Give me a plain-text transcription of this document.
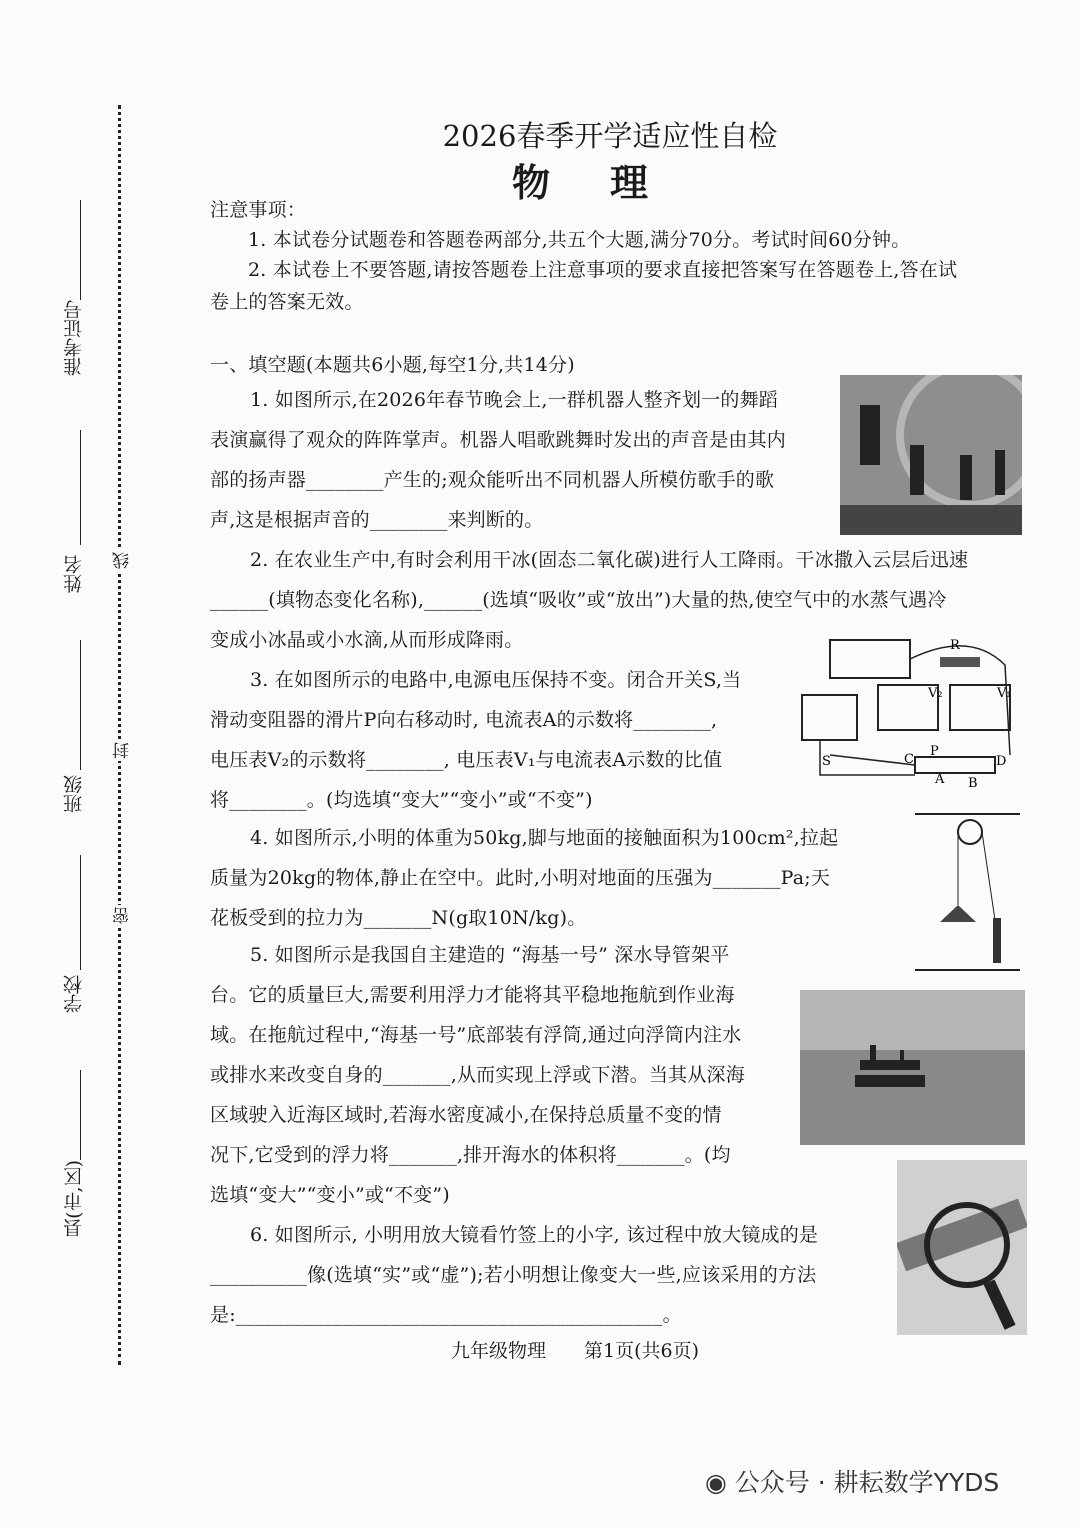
准考证号
姓名
班级
学校
县(市,区)
线
封
密
2026春季开学适应性自检
物理
注意事项：
1. 本试卷分试题卷和答题卷两部分,共五个大题,满分70分。考试时间60分钟。
2. 本试卷上不要答题,请按答题卷上注意事项的要求直接把答案写在答题卷上,答在试
卷上的答案无效。
一、填空题(本题共6小题,每空1分,共14分)
1. 如图所示,在2026年春节晚会上,一群机器人整齐划一的舞蹈
表演赢得了观众的阵阵掌声。机器人唱歌跳舞时发出的声音是由其内
部的扬声器________产生的;观众能听出不同机器人所模仿歌手的歌
声,这是根据声音的________来判断的。
2. 在农业生产中,有时会利用干冰(固态二氧化碳)进行人工降雨。干冰撒入云层后迅速
______(填物态变化名称),______(选填“吸收”或“放出”)大量的热,使空气中的水蒸气遇冷
变成小冰晶或小水滴,从而形成降雨。
3. 在如图所示的电路中,电源电压保持不变。闭合开关S,当
滑动变阻器的滑片P向右移动时, 电流表A的示数将________,
电压表V₂的示数将________, 电压表V₁与电流表A示数的比值
将________。(均选填“变大”“变小”或“不变”)
4. 如图所示,小明的体重为50kg,脚与地面的接触面积为100cm²,拉起
质量为20kg的物体,静止在空中。此时,小明对地面的压强为_______Pa;天
花板受到的拉力为_______N(g取10N/kg)。
5. 如图所示是我国自主建造的 “海基一号” 深水导管架平
台。它的质量巨大,需要利用浮力才能将其平稳地拖航到作业海
域。在拖航过程中,“海基一号”底部装有浮筒,通过向浮筒内注水
或排水来改变自身的_______,从而实现上浮或下潜。当其从深海
区域驶入近海区域时,若海水密度减小,在保持总质量不变的情
况下,它受到的浮力将_______,排开海水的体积将_______。(均
选填“变大”“变小”或“不变”)
6. 如图所示, 小明用放大镜看竹签上的小字, 该过程中放大镜成的是
__________像(选填“实”或“虚”);若小明想让像变大一些,应该采用的方法
是:____________________________________________。
R
V₂	V₁
S	C
P
A B
D
九年级物理　　第1页(共6页)
◉ 公众号 · 耕耘数学YYDS
